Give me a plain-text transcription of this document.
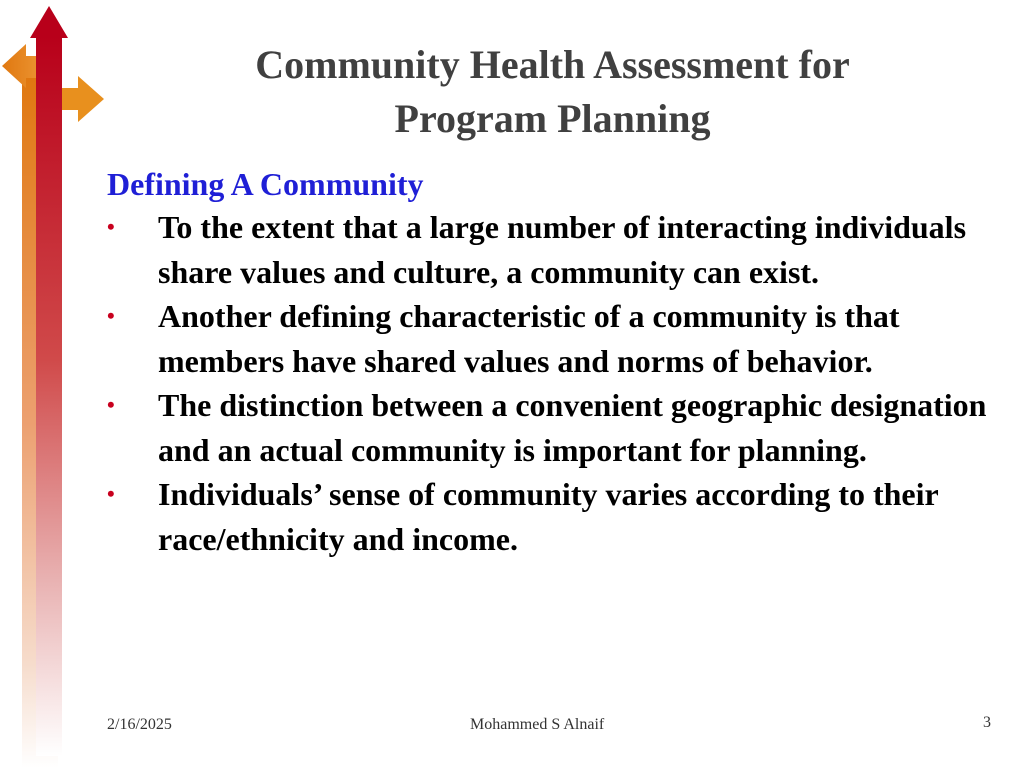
Community Health Assessment for
Program Planning
Defining A Community
•	To the extent that a large number of interacting individuals share values and culture, a community can exist.
•	Another defining characteristic of a community is that members have shared values and norms of behavior.
•	The distinction between a convenient geographic designation and an actual community is important for planning.
•	Individuals’ sense of community varies according to their race/ethnicity and income.
2/16/2025	Mohammed S Alnaif	3
